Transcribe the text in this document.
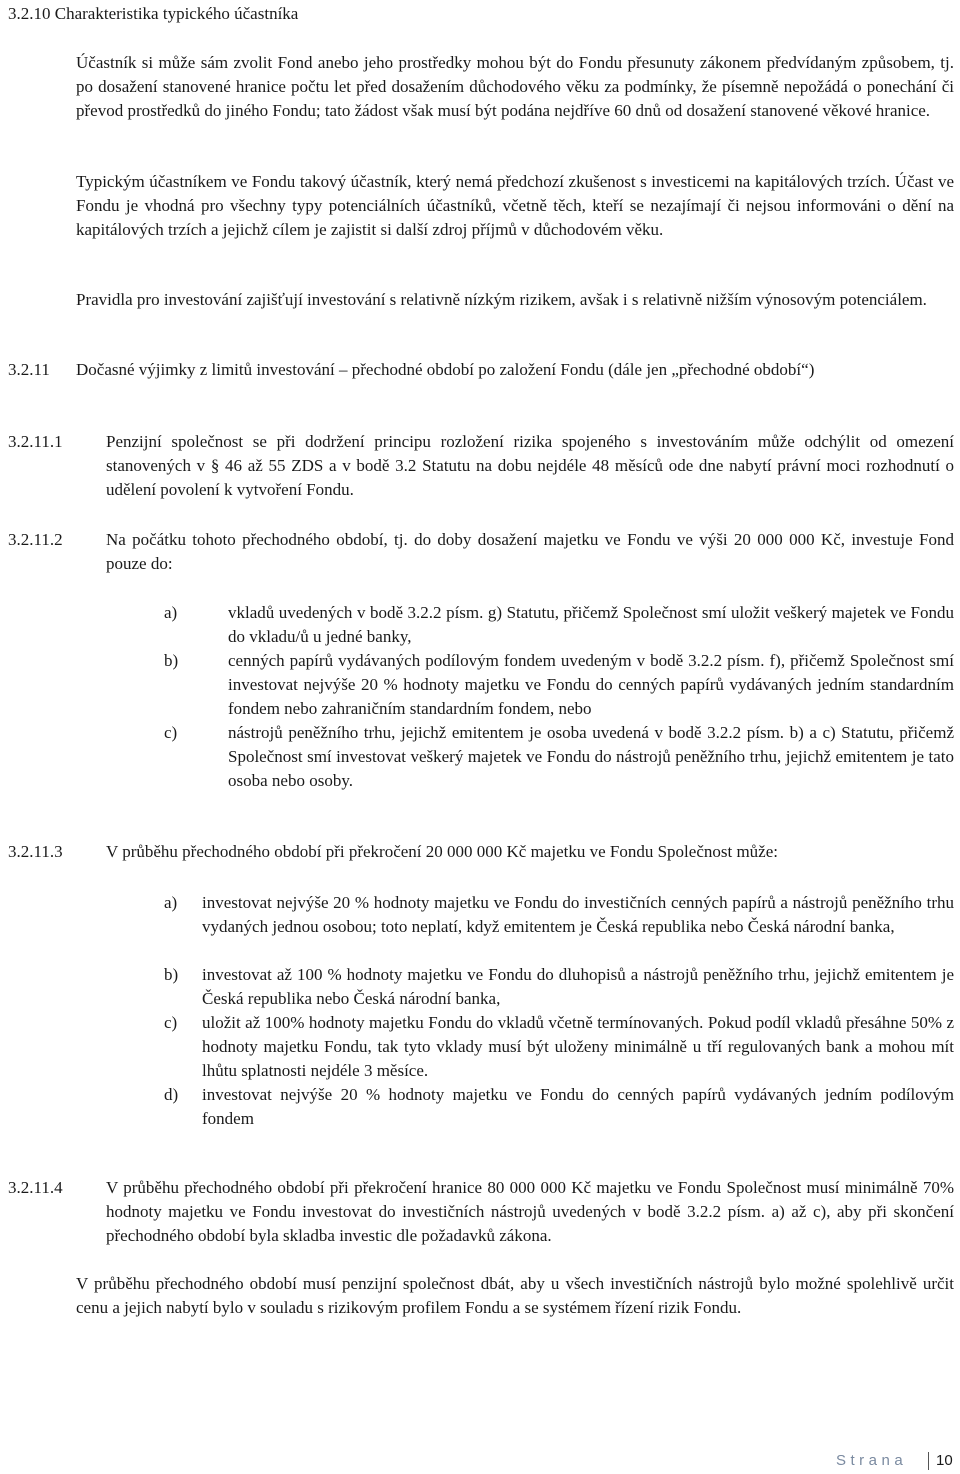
3.2.10 Charakteristika typického účastníka
Účastník si může sám zvolit Fond anebo jeho prostředky mohou být do Fondu přesunuty zákonem předvídaným způsobem, tj. po dosažení stanovené hranice počtu let před dosažením důchodového věku za podmínky, že písemně nepožádá o ponechání či převod prostředků do jiného Fondu; tato žádost však musí být podána nejdříve 60 dnů od dosažení stanovené věkové hranice.
Typickým účastníkem ve Fondu takový účastník, který nemá předchozí zkušenost s investicemi na kapitálových trzích. Účast ve Fondu je vhodná pro všechny typy potenciálních účastníků, včetně těch, kteří se nezajímají či nejsou informováni o dění na kapitálových trzích a jejichž cílem je zajistit si další zdroj příjmů v důchodovém věku.
Pravidla pro investování zajišťují investování s relativně nízkým rizikem, avšak i s relativně nižším výnosovým potenciálem.
3.2.11 Dočasné výjimky z limitů investování – přechodné období po založení Fondu (dále jen „přechodné období“)
3.2.11.1	Penzijní společnost se při dodržení principu rozložení rizika spojeného s investováním může odchýlit od omezení stanovených v § 46 až 55 ZDS a v bodě 3.2 Statutu na dobu nejdéle 48 měsíců ode dne nabytí právní moci rozhodnutí o udělení povolení k vytvoření Fondu.
3.2.11.2	Na počátku tohoto přechodného období, tj. do doby dosažení majetku ve Fondu ve výši 20 000 000 Kč, investuje Fond pouze do:
a)	vkladů uvedených v bodě 3.2.2 písm. g) Statutu, přičemž Společnost smí uložit veškerý majetek ve Fondu do vkladu/ů u jedné banky,
b)	cenných papírů vydávaných podílovým fondem uvedeným v bodě 3.2.2 písm. f), přičemž Společnost smí investovat nejvýše 20 % hodnoty majetku ve Fondu do cenných papírů vydávaných jedním standardním fondem nebo zahraničním standardním fondem, nebo
c)	nástrojů peněžního trhu, jejichž emitentem je osoba uvedená v bodě 3.2.2 písm. b) a c) Statutu, přičemž Společnost smí investovat veškerý majetek ve Fondu do nástrojů peněžního trhu, jejichž emitentem je tato osoba nebo osoby.
3.2.11.3	V průběhu přechodného období při překročení 20 000 000 Kč majetku ve Fondu Společnost může:
a) investovat nejvýše 20 % hodnoty majetku ve Fondu do investičních cenných papírů a nástrojů peněžního trhu vydaných jednou osobou; toto neplatí, když emitentem je Česká republika nebo Česká národní banka,
b) investovat až 100 % hodnoty majetku ve Fondu do dluhopisů a nástrojů peněžního trhu, jejichž emitentem je Česká republika nebo Česká národní banka,
c) uložit až 100% hodnoty majetku Fondu do vkladů včetně termínovaných. Pokud podíl vkladů přesáhne 50% z hodnoty majetku Fondu, tak tyto vklady musí být uloženy minimálně u tří regulovaných bank a mohou mít lhůtu splatnosti nejdéle 3 měsíce.
d) investovat nejvýše 20 % hodnoty majetku ve Fondu do cenných papírů vydávaných jedním podílovým fondem
3.2.11.4	V průběhu přechodného období při překročení hranice 80 000 000 Kč majetku ve Fondu Společnost musí minimálně 70% hodnoty majetku ve Fondu investovat do investičních nástrojů uvedených v bodě 3.2.2 písm. a) až c), aby při skončení přechodného období byla skladba investic dle požadavků zákona.
V průběhu přechodného období musí penzijní společnost dbát, aby u všech investičních nástrojů bylo možné spolehlivě určit cenu a jejich nabytí bylo v souladu s rizikovým profilem Fondu a se systémem řízení rizik Fondu.
Strana 10
